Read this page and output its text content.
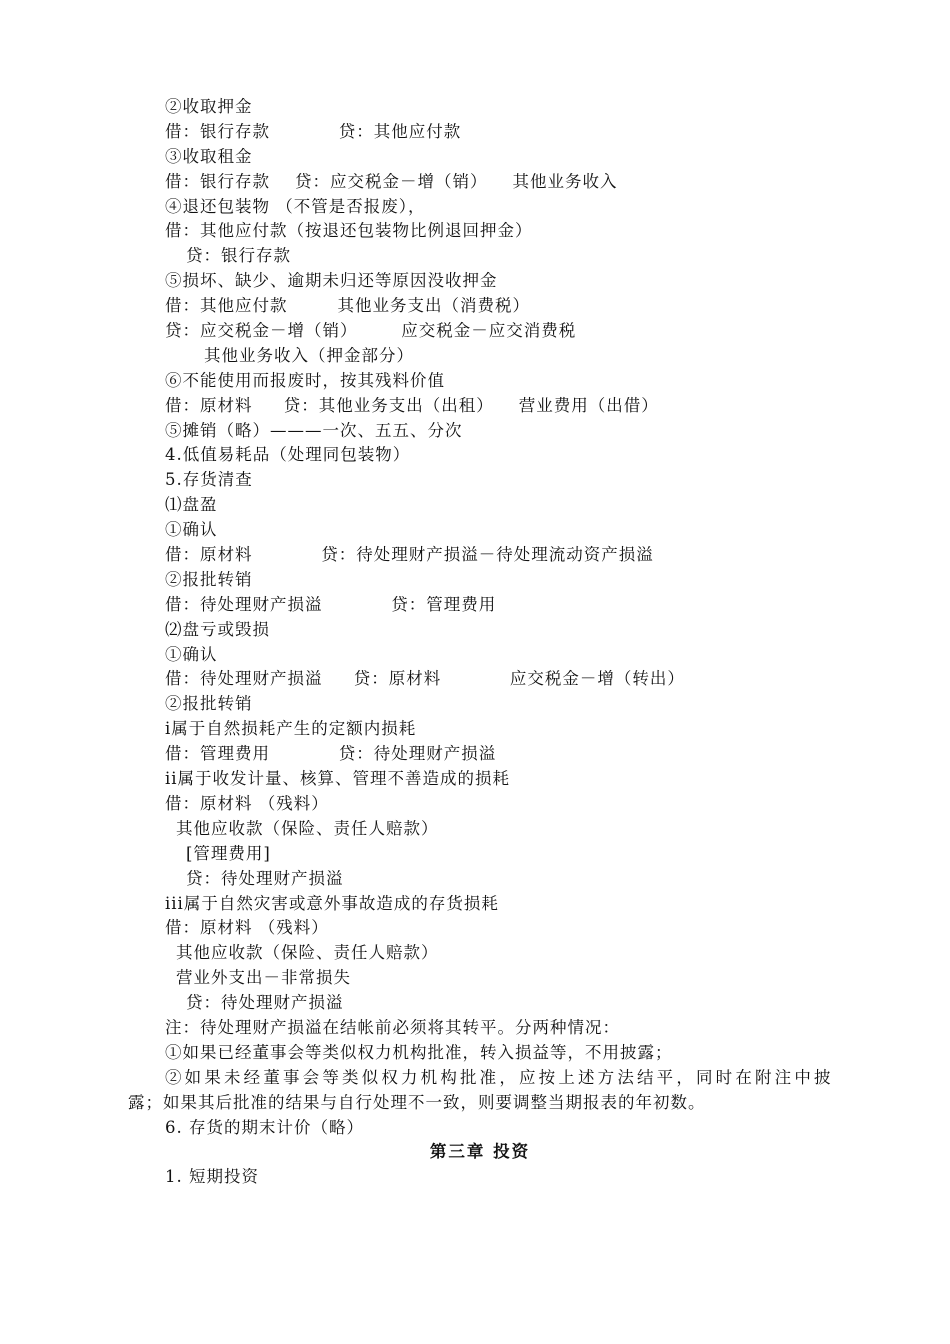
②收取押金
借：银行存款           贷：其他应付款
③收取租金
借：银行存款    贷：应交税金－增（销）    其他业务收入
④退还包装物 （不管是否报废），
借：其他应付款（按退还包装物比例退回押金）
贷：银行存款
⑤损坏、缺少、逾期未归还等原因没收押金
借：其他应付款        其他业务支出（消费税）
贷：应交税金－增（销）       应交税金－应交消费税
其他业务收入（押金部分）
⑥不能使用而报废时，按其残料价值
借：原材料     贷：其他业务支出（出租）    营业费用（出借）
⑤摊销（略）———一次、五五、分次
4.低值易耗品（处理同包装物）
5.存货清查
⑴盘盈
①确认
借：原材料           贷：待处理财产损溢－待处理流动资产损溢
②报批转销
借：待处理财产损溢           贷：管理费用
⑵盘亏或毁损
①确认
借：待处理财产损溢     贷：原材料           应交税金－增（转出）
②报批转销
i属于自然损耗产生的定额内损耗
借：管理费用           贷：待处理财产损溢
ii属于收发计量、核算、管理不善造成的损耗
借：原材料 （残料）
其他应收款（保险、责任人赔款）
[管理费用]
贷：待处理财产损溢
iii属于自然灾害或意外事故造成的存货损耗
借：原材料 （残料）
其他应收款（保险、责任人赔款）
营业外支出－非常损失
贷：待处理财产损溢
注：待处理财产损溢在结帐前必须将其转平。分两种情况：
①如果已经董事会等类似权力机构批准，转入损益等，不用披露；
②如果未经董事会等类似权力机构批准，应按上述方法结平，同时在附注中披
露；如果其后批准的结果与自行处理不一致，则要调整当期报表的年初数。
6. 存货的期末计价（略）
第三章 投资
1. 短期投资
